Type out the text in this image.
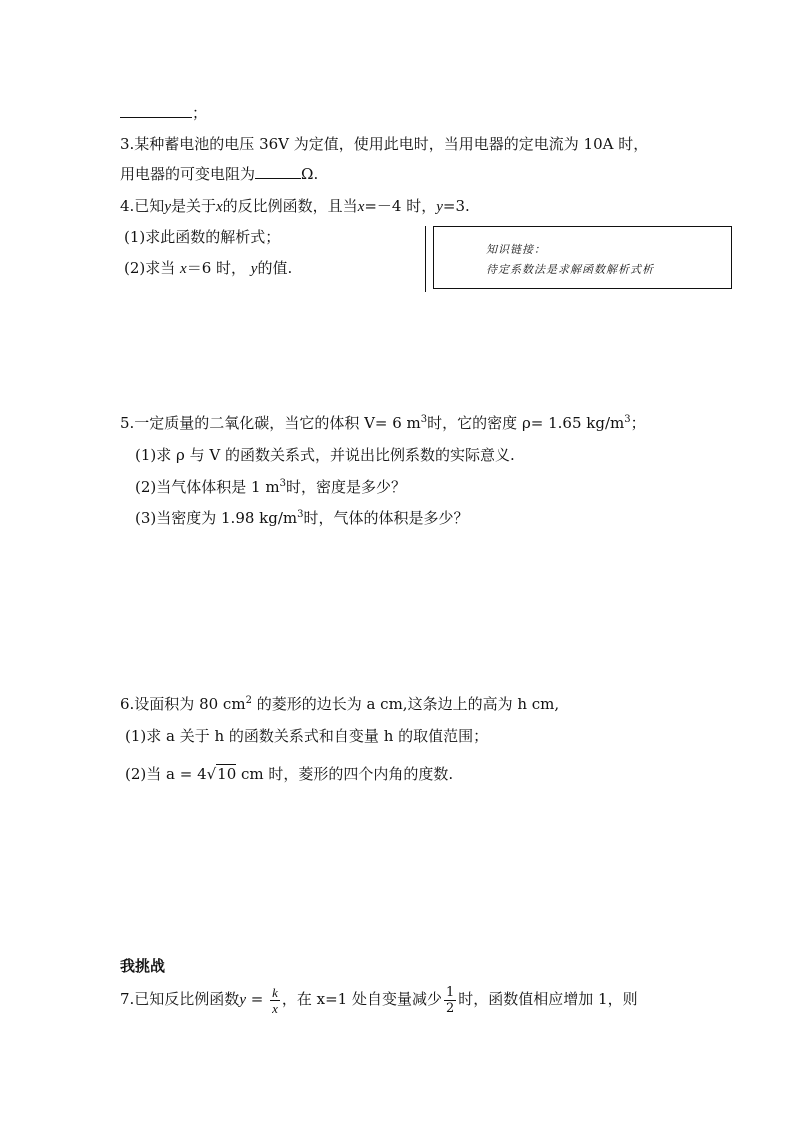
；
3.某种蓄电池的电压 36V 为定值，使用此电时，当用电器的定电流为 10A 时，
用电器的可变电阻为	Ω.
4.已知y是关于x的反比例函数，且当x=－4 时，y=3.
(1)求此函数的解析式；
(2)求当 x＝6 时， y的值.
知识链接：
待定系数法是求解函数解析式析
5.一定质量的二氧化碳，当它的体积 V= 6 $m^3$时，它的密度 ρ= 1.65 $kg/m^3$；
(1)求 ρ 与 V 的函数关系式，并说出比例系数的实际意义.
(2)当气体体积是 1 $m^3$时，密度是多少？
(3)当密度为 1.98 $kg/m^3$时，气体的体积是多少？
6.设面积为 80 $cm^2$ 的菱形的边长为 a cm,这条边上的高为 h cm,
(1)求 a 关于 h 的函数关系式和自变量 h 的取值范围；
(2)当 a = 4√10 cm 时，菱形的四个内角的度数.
我挑战
7.已知反比例函数$y = \frac{k}{x}$ ，在 x=1 处自变量减少 $\frac{1}{2}$ 时，函数值相应增加 1，则
